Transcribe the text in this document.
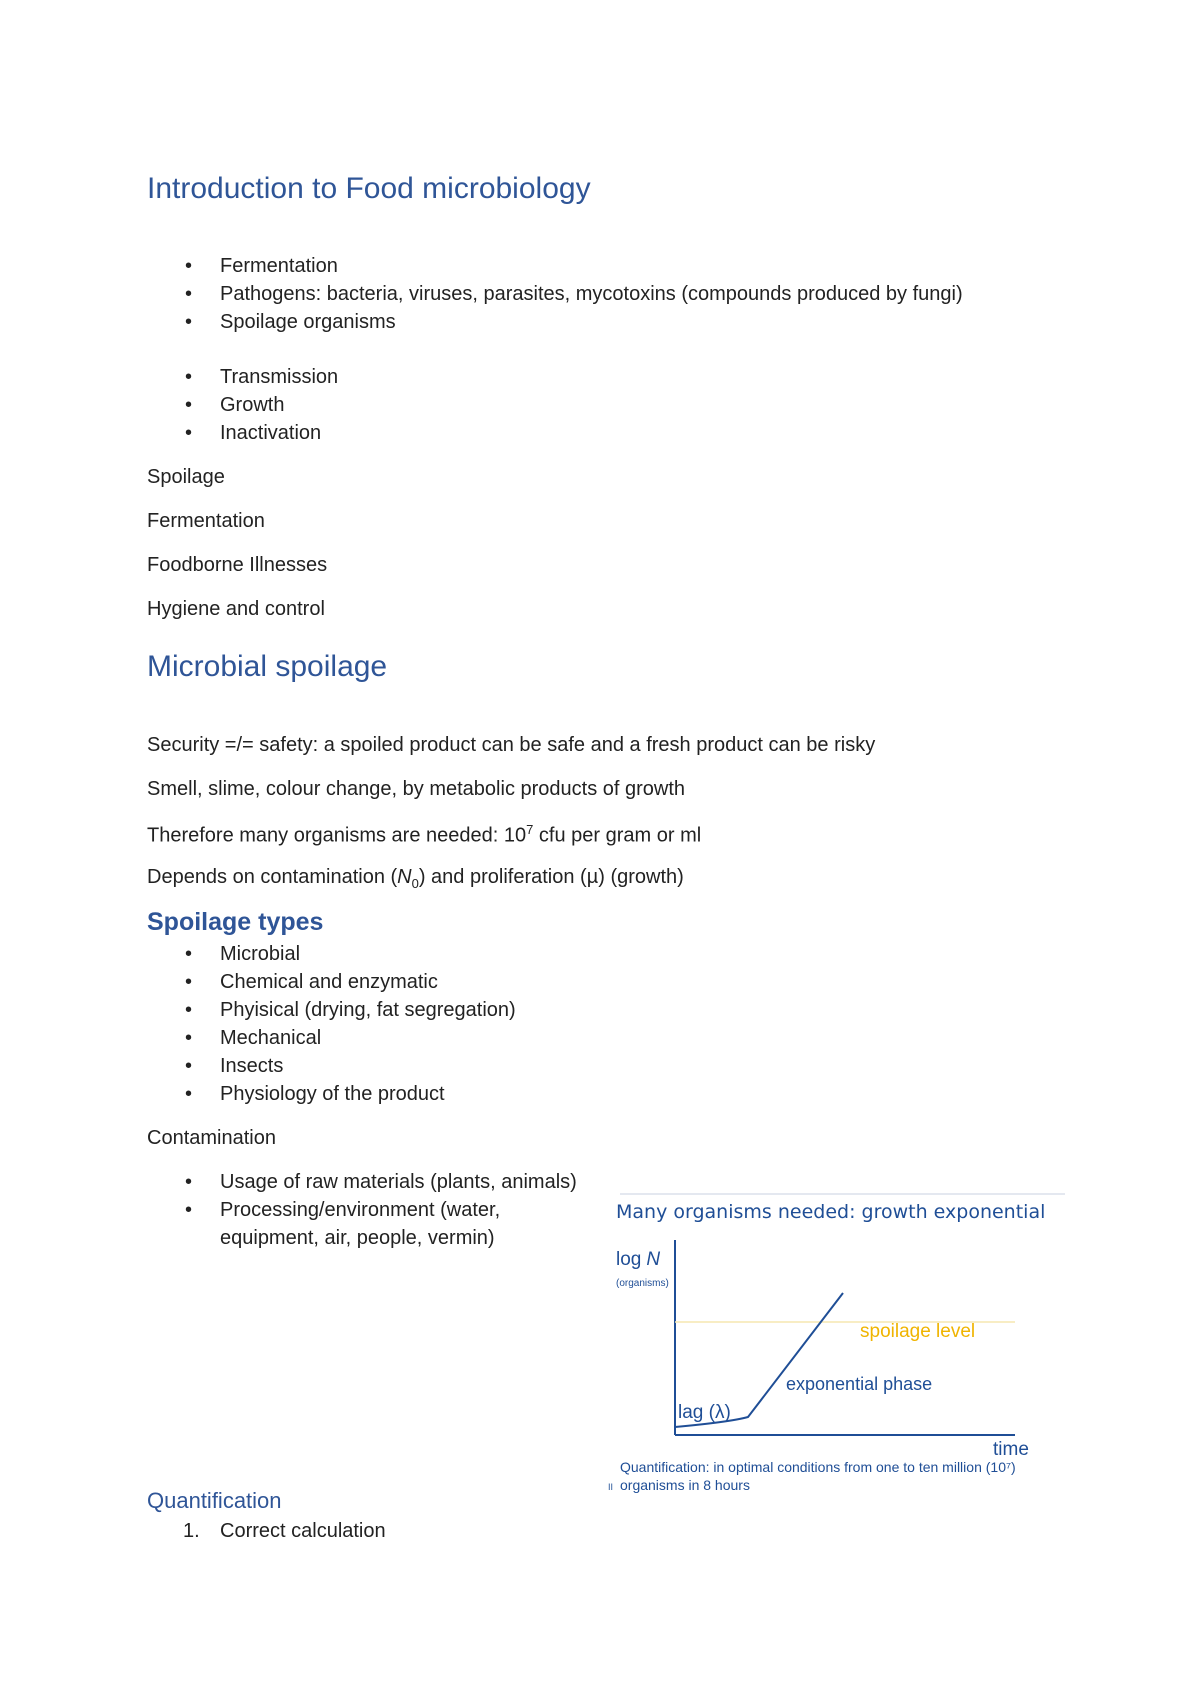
Introduction to Food microbiology
• Fermentation
• Pathogens: bacteria, viruses, parasites, mycotoxins (compounds produced by fungi)
• Spoilage organisms
• Transmission
• Growth
• Inactivation
Spoilage
Fermentation
Foodborne Illnesses
Hygiene and control
Microbial spoilage
Security =/= safety: a spoiled product can be safe and a fresh product can be risky
Smell, slime, colour change, by metabolic products of growth
Therefore many organisms are needed: $10^7$ cfu per gram or ml
Depends on contamination $(N_0)$ and proliferation (µ) (growth)
Spoilage types
• Microbial
• Chemical and enzymatic
• Phyisical (drying, fat segregation)
• Mechanical
• Insects
• Physiology of the product
Contamination
• Usage of raw materials (plants, animals)
• Processing/environment (water,
equipment, air, people, vermin)
Many organisms needed: growth exponential
log N
(organisms)
spoilage level
exponential phase
lag (λ)
time
Quantification: in optimal conditions from one to ten million (10⁷)
II organisms in 8 hours
Quantification
1. Correct calculation
